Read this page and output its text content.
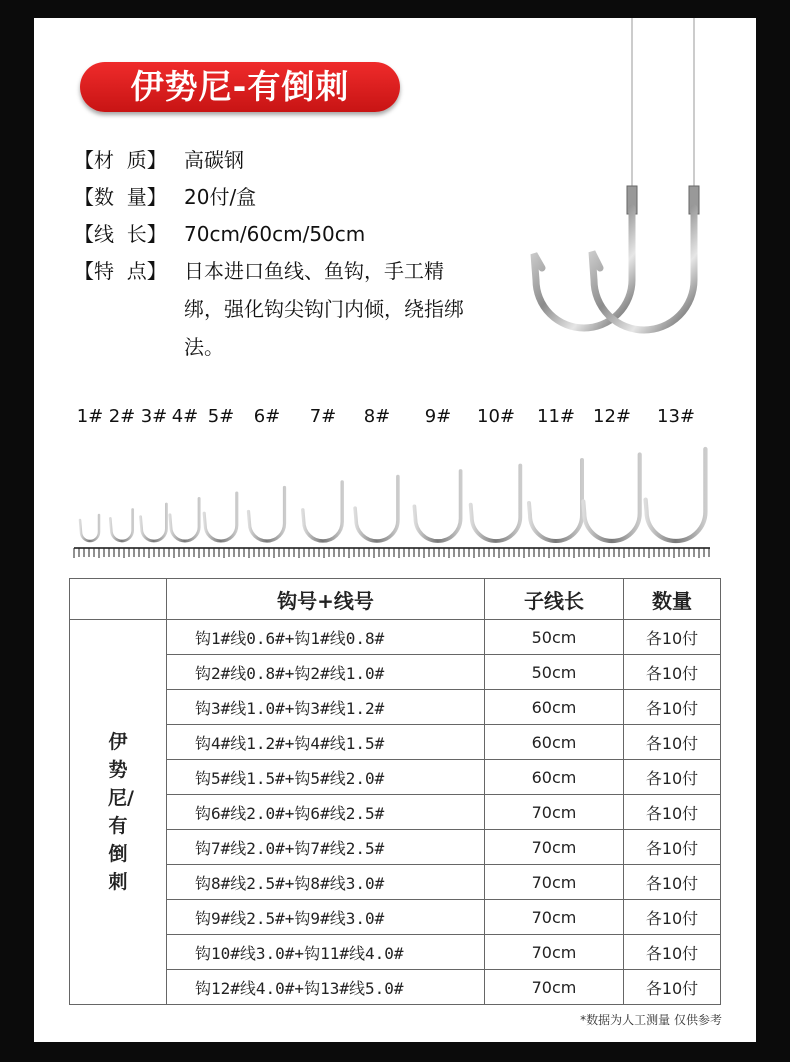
伊势尼-有倒刺
【材  质】 高碳钢
【数  量】 20付/盒
【线  长】 70cm/60cm/50cm
【特  点】 日本进口鱼线、鱼钩，手工精绑，强化钩尖钩门内倾，绕指绑法。
1# 2# 3# 4# 5# 6# 7# 8# 9# 10# 11# 12# 13#
	钩号+线号	子线长	数量

伊势尼/有倒刺	钩1#线0.6#+钩1#线0.8#	50cm	各10付
	钩2#线0.8#+钩2#线1.0#	50cm	各10付
	钩3#线1.0#+钩3#线1.2#	60cm	各10付
	钩4#线1.2#+钩4#线1.5#	60cm	各10付
	钩5#线1.5#+钩5#线2.0#	60cm	各10付
	钩6#线2.0#+钩6#线2.5#	70cm	各10付
	钩7#线2.0#+钩7#线2.5#	70cm	各10付
	钩8#线2.5#+钩8#线3.0#	70cm	各10付
	钩9#线2.5#+钩9#线3.0#	70cm	各10付
	钩10#线3.0#+钩11#线4.0#	70cm	各10付
	钩12#线4.0#+钩13#线5.0#	70cm	各10付
*数据为人工测量 仅供参考
